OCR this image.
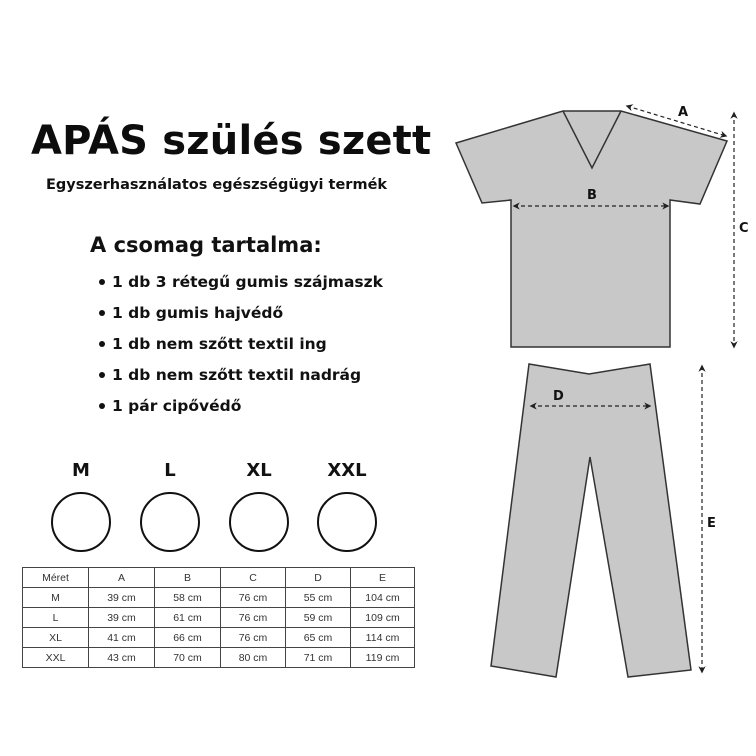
APÁS szülés szett
Egyszerhasználatos egészségügyi termék
A csomag tartalma:
1 db 3 rétegű gumis szájmaszk
1 db gumis hajvédő
1 db nem szőtt textil ing
1 db nem szőtt textil nadrág
1 pár cipővédő
M	L	XL	XXL
Méret	A	B	C	D	E
M	39 cm	58 cm	76 cm	55 cm	104 cm
L	39 cm	61 cm	76 cm	59 cm	109 cm
XL	41 cm	66 cm	76 cm	65 cm	114 cm
XXL	43 cm	70 cm	80 cm	71 cm	119 cm
A
B
C
D
E
